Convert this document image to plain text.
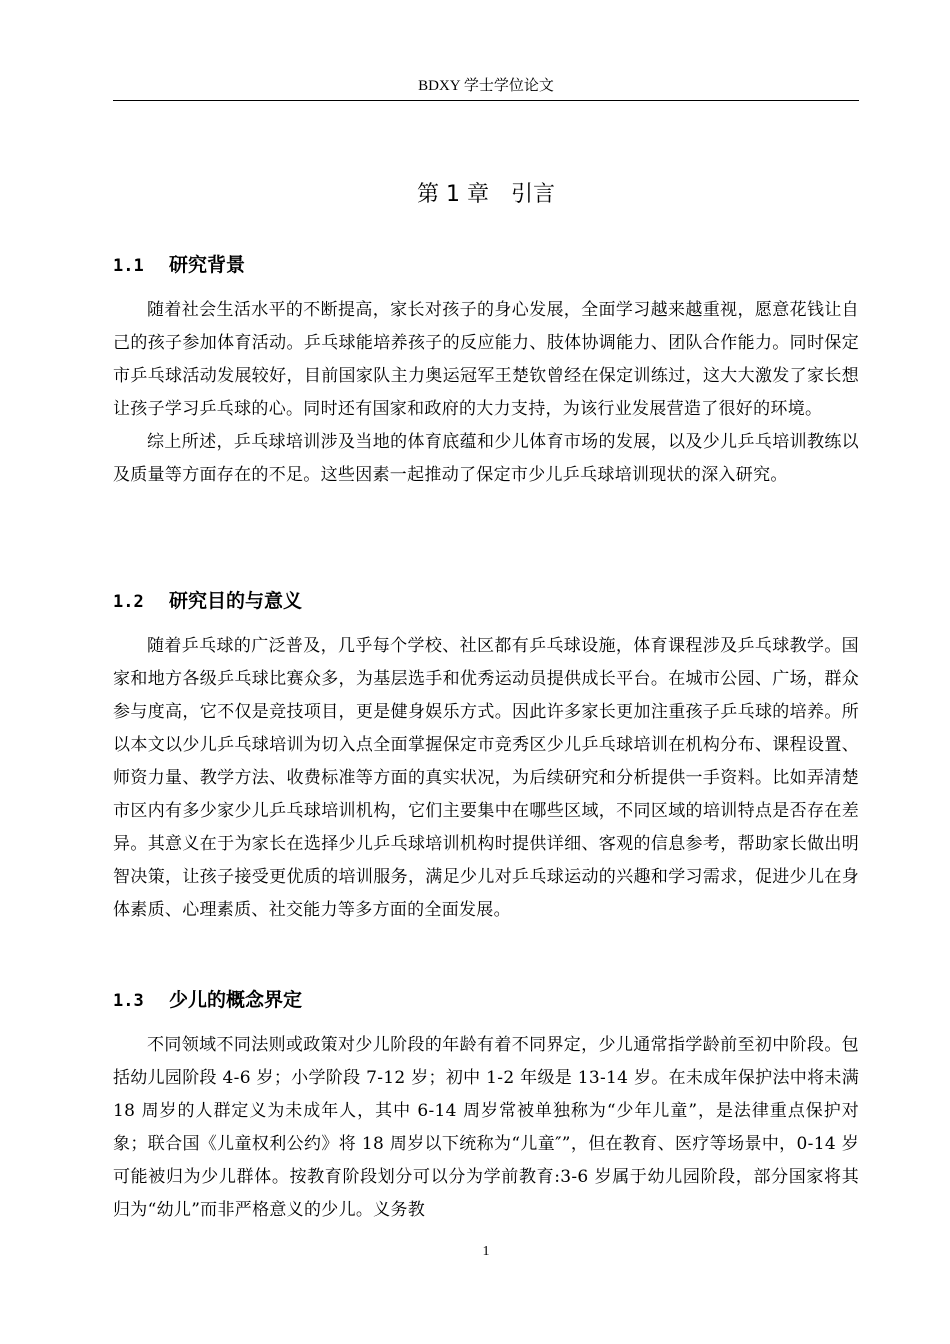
BDXY 学士学位论文
第 1 章　引言
1.1 研究背景

随着社会生活水平的不断提高，家长对孩子的身心发展，全面学习越来越重视，愿意花钱让自己的孩子参加体育活动。乒乓球能培养孩子的反应能力、肢体协调能力、团队合作能力。同时保定市乒乓球活动发展较好，目前国家队主力奥运冠军王楚钦曾经在保定训练过，这大大激发了家长想让孩子学习乒乓球的心。同时还有国家和政府的大力支持，为该行业发展营造了很好的环境。

综上所述，乒乓球培训涉及当地的体育底蕴和少儿体育市场的发展，以及少儿乒乓培训教练以及质量等方面存在的不足。这些因素一起推动了保定市少儿乒乓球培训现状的深入研究。

1.2 研究目的与意义

随着乒乓球的广泛普及，几乎每个学校、社区都有乒乓球设施，体育课程涉及乒乓球教学。国家和地方各级乒乓球比赛众多，为基层选手和优秀运动员提供成长平台。在城市公园、广场，群众参与度高，它不仅是竞技项目，更是健身娱乐方式。因此许多家长更加注重孩子乒乓球的培养。所以本文以少儿乒乓球培训为切入点全面掌握保定市竞秀区少儿乒乓球培训在机构分布、课程设置、师资力量、教学方法、收费标准等方面的真实状况，为后续研究和分析提供一手资料。比如弄清楚市区内有多少家少儿乒乓球培训机构，它们主要集中在哪些区域，不同区域的培训特点是否存在差异。其意义在于为家长在选择少儿乒乓球培训机构时提供详细、客观的信息参考，帮助家长做出明智决策，让孩子接受更优质的培训服务，满足少儿对乒乓球运动的兴趣和学习需求，促进少儿在身体素质、心理素质、社交能力等多方面的全面发展。

1.3 少儿的概念界定

不同领域不同法则或政策对少儿阶段的年龄有着不同界定，少儿通常指学龄前至初中阶段。包括幼儿园阶段 4-6 岁；小学阶段 7-12 岁；初中 1-2 年级是 13-14 岁。在未成年保护法中将未满 18 周岁的人群定义为未成年人，其中 6-14 周岁常被单独称为“少年儿童”，是法律重点保护对象；联合国《儿童权利公约》将 18 周岁以下统称为“儿童″”，但在教育、医疗等场景中，0-14 岁可能被归为少儿群体。按教育阶段划分可以分为学前教育:3-6 岁属于幼儿园阶段，部分国家将其归为“幼儿”而非严格意义的少儿。义务教

1
